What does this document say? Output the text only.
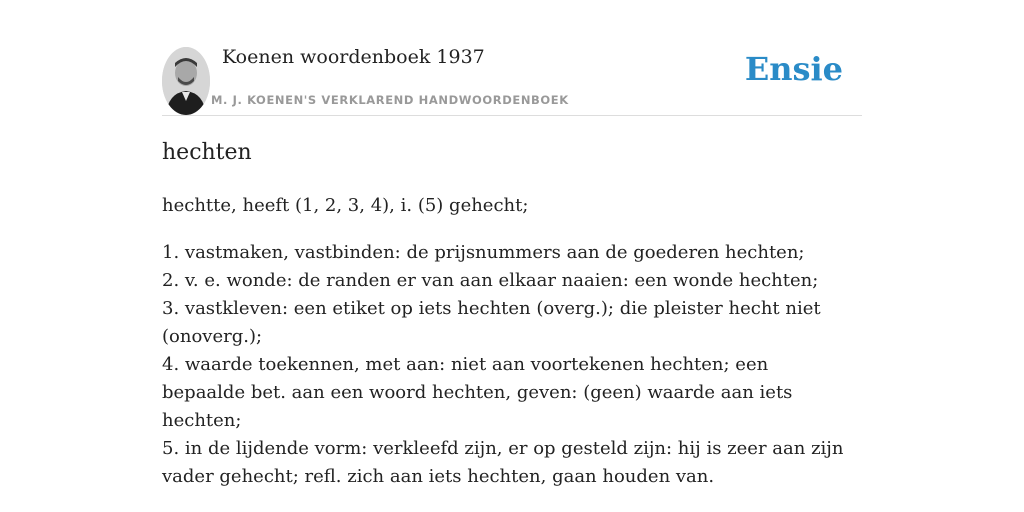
Koenen woordenboek 1937
M. J. KOENEN'S VERKLAREND HANDWOORDENBOEK
Ensie
hechten
hechtte, heeft (1, 2, 3, 4), i. (5) gehecht;
1. vastmaken, vastbinden: de prijsnummers aan de goederen hechten;
2. v. e. wonde: de randen er van aan elkaar naaien: een wonde hechten;
3. vastkleven: een etiket op iets hechten (overg.); die pleister hecht niet (onoverg.);
4. waarde toekennen, met aan: niet aan voortekenen hechten; een bepaalde bet. aan een woord hechten, geven: (geen) waarde aan iets hechten;
5. in de lijdende vorm: verkleefd zijn, er op gesteld zijn: hij is zeer aan zijn vader gehecht; refl. zich aan iets hechten, gaan houden van.
